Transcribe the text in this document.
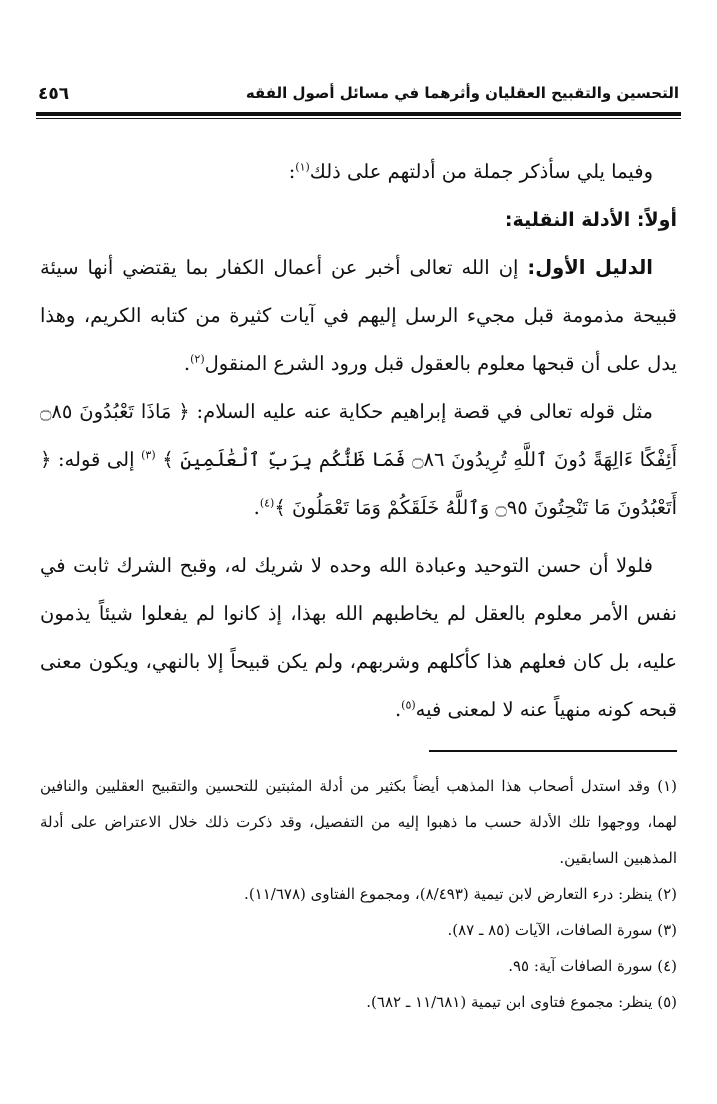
التحسين والتقبيح العقليان وأثرهما في مسائل أصول الفقه
٤٥٦

وفيما يلي سأذكر جملة من أدلتهم على ذلك$^{(١)}$:

أولاً: الأدلة النقلية:

الدليل الأول: إن الله تعالى أخبر عن أعمال الكفار بما يقتضي أنها سيئة قبيحة مذمومة قبل مجيء الرسل إليهم في آيات كثيرة من كتابه الكريم، وهذا يدل على أن قبحها معلوم بالعقول قبل ورود الشرع المنقول$^{(٢)}$.

مثل قوله تعالى في قصة إبراهيم حكاية عنه عليه السلام: ﴿ مَاذَا تَعْبُدُونَ ۝٨٥ أَئِفْكًا ءَالِهَةً دُونَ ٱللَّهِ تُرِيدُونَ ۝٨٦ فَمَا ظَنُّكُم بِرَبِّ ٱلْعَٰلَمِينَ ﴾ $^{(٣)}$ إلى قوله: ﴿ أَتَعْبُدُونَ مَا تَنْحِتُونَ ۝٩٥ وَٱللَّهُ خَلَقَكُمْ وَمَا تَعْمَلُونَ ﴾$^{(٤)}$.

فلولا أن حسن التوحيد وعبادة الله وحده لا شريك له، وقبح الشرك ثابت في نفس الأمر معلوم بالعقل لم يخاطبهم الله بهذا، إذ كانوا لم يفعلوا شيئاً يذمون عليه، بل كان فعلهم هذا كأكلهم وشربهم، ولم يكن قبيحاً إلا بالنهي، ويكون معنى قبحه كونه منهياً عنه لا لمعنى فيه$^{(٥)}$.

(١) وقد استدل أصحاب هذا المذهب أيضاً بكثير من أدلة المثبتين للتحسين والتقبيح العقليين والنافين لهما، ووجهوا تلك الأدلة حسب ما ذهبوا إليه من التفصيل، وقد ذكرت ذلك خلال الاعتراض على أدلة المذهبين السابقين.

(٢) ينظر: درء التعارض لابن تيمية (٨/٤٩٣)، ومجموع الفتاوى (١١/٦٧٨).

(٣) سورة الصافات، الآيات (٨٥ ـ ٨٧).

(٤) سورة الصافات آية: ٩٥.

(٥) ينظر: مجموع فتاوى ابن تيمية (١١/٦٨١ ـ ٦٨٢).
